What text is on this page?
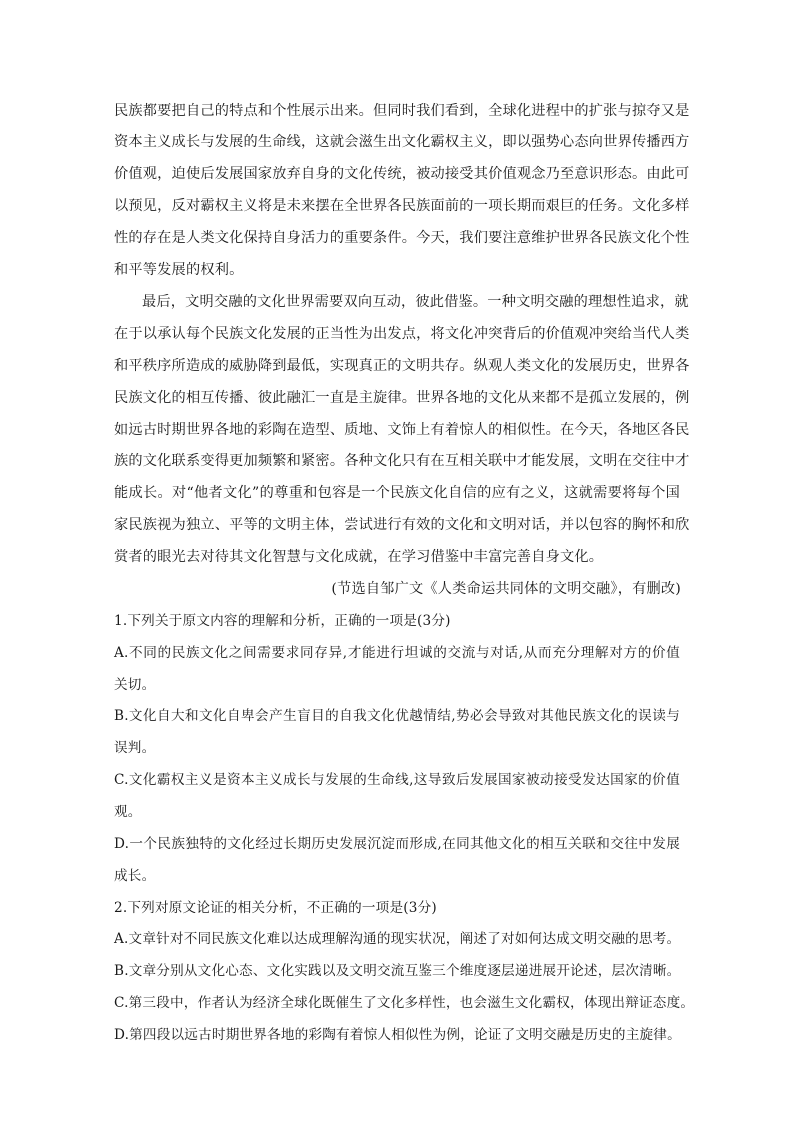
民族都要把自己的特点和个性展示出来。但同时我们看到，全球化进程中的扩张与掠夺又是
资本主义成长与发展的生命线，这就会滋生出文化霸权主义，即以强势心态向世界传播西方
价值观，迫使后发展国家放弃自身的文化传统，被动接受其价值观念乃至意识形态。由此可
以预见，反对霸权主义将是未来摆在全世界各民族面前的一项长期而艰巨的任务。文化多样
性的存在是人类文化保持自身活力的重要条件。今天，我们要注意维护世界各民族文化个性
和平等发展的权利。
最后，文明交融的文化世界需要双向互动，彼此借鉴。一种文明交融的理想性追求，就
在于以承认每个民族文化发展的正当性为出发点，将文化冲突背后的价值观冲突给当代人类
和平秩序所造成的威胁降到最低，实现真正的文明共存。纵观人类文化的发展历史，世界各
民族文化的相互传播、彼此融汇一直是主旋律。世界各地的文化从来都不是孤立发展的，例
如远古时期世界各地的彩陶在造型、质地、文饰上有着惊人的相似性。在今天，各地区各民
族的文化联系变得更加频繁和紧密。各种文化只有在互相关联中才能发展，文明在交往中才
能成长。对“他者文化”的尊重和包容是一个民族文化自信的应有之义，这就需要将每个国
家民族视为独立、平等的文明主体，尝试进行有效的文化和文明对话，并以包容的胸怀和欣
赏者的眼光去对待其文化智慧与文化成就，在学习借鉴中丰富完善自身文化。
(节选自邹广文《人类命运共同体的文明交融》，有删改)
1.下列关于原文内容的理解和分析，正确的一项是(3分)
A.不同的民族文化之间需要求同存异,才能进行坦诚的交流与对话,从而充分理解对方的价值
关切。
B.文化自大和文化自卑会产生盲目的自我文化优越情结,势必会导致对其他民族文化的误读与
误判。
C.文化霸权主义是资本主义成长与发展的生命线,这导致后发展国家被动接受发达国家的价值
观。
D.一个民族独特的文化经过长期历史发展沉淀而形成,在同其他文化的相互关联和交往中发展
成长。
2.下列对原文论证的相关分析，不正确的一项是(3分)
A.文章针对不同民族文化难以达成理解沟通的现实状况，阐述了对如何达成文明交融的思考。
B.文章分别从文化心态、文化实践以及文明交流互鉴三个维度逐层递进展开论述，层次清晰。
C.第三段中，作者认为经济全球化既催生了文化多样性，也会滋生文化霸权，体现出辩证态度。
D.第四段以远古时期世界各地的彩陶有着惊人相似性为例，论证了文明交融是历史的主旋律。
